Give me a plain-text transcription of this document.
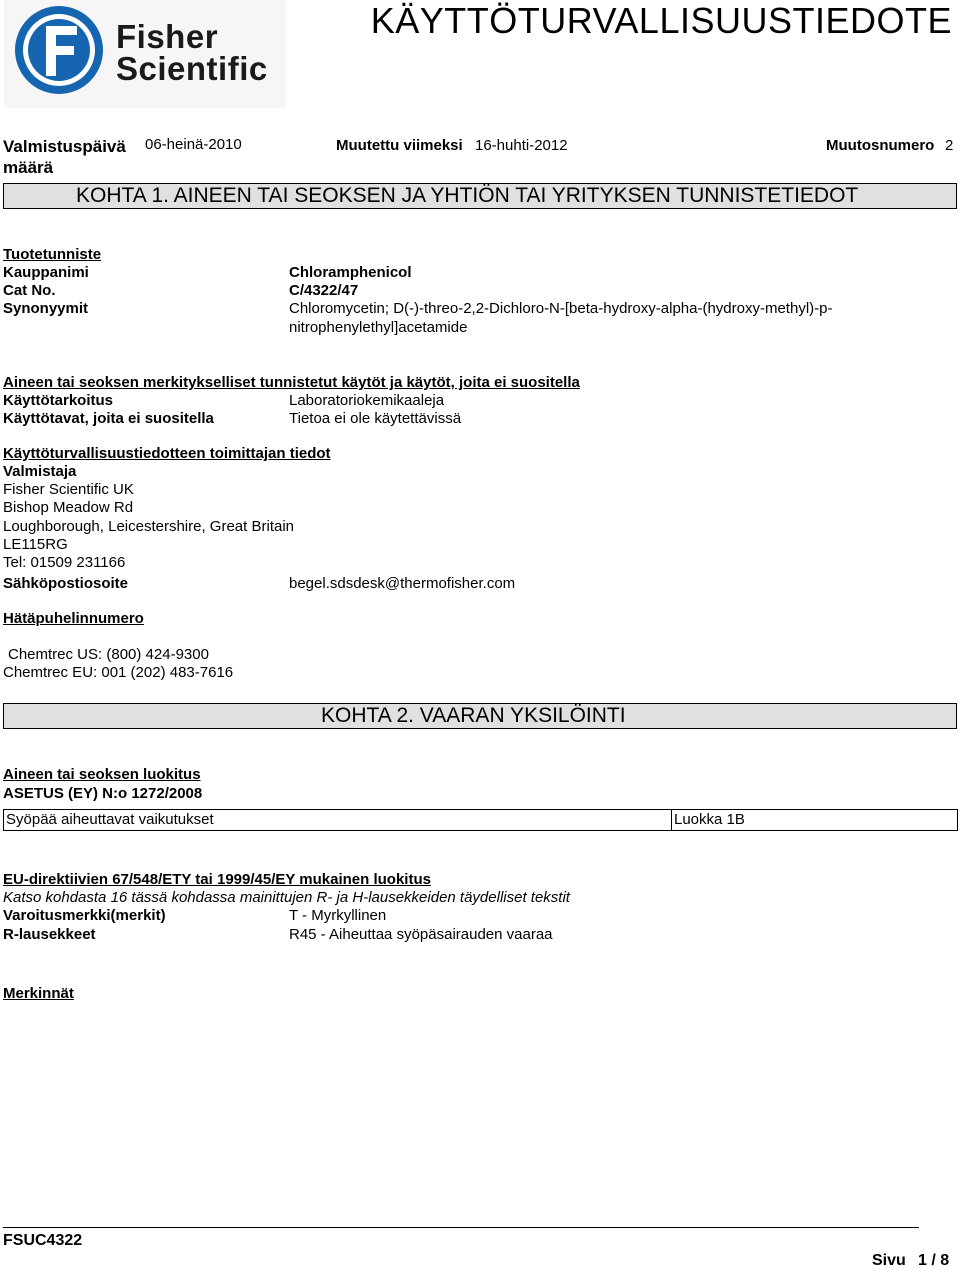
Fisher
Scientific
KÄYTTÖTURVALLISUUSTIEDOTE
Valmistuspäivä
määrä
06-heinä-2010	Muutettu viimeksi 16-huhti-2012	Muutosnumero 2
KOHTA 1. AINEEN TAI SEOKSEN JA YHTIÖN TAI YRITYKSEN TUNNISTETIEDOT
Tuotetunniste
Kauppanimi	Chloramphenicol
Cat No.	C/4322/47
Synonyymit	Chloromycetin; D(-)-threo-2,2-Dichloro-N-[beta-hydroxy-alpha-(hydroxy-methyl)-p-
nitrophenylethyl]acetamide
Aineen tai seoksen merkitykselliset tunnistetut käytöt ja käytöt, joita ei suositella
Käyttötarkoitus	Laboratoriokemikaaleja
Käyttötavat, joita ei suositella	Tietoa ei ole käytettävissä
Käyttöturvallisuustiedotteen toimittajan tiedot
Valmistaja
Fisher Scientific UK
Bishop Meadow Rd
Loughborough, Leicestershire, Great Britain
LE115RG
Tel: 01509 231166
Sähköpostiosoite	begel.sdsdesk@thermofisher.com
Hätäpuhelinnumero
Chemtrec US: (800) 424-9300
Chemtrec EU: 001 (202) 483-7616
KOHTA 2. VAARAN YKSILÖINTI
Aineen tai seoksen luokitus
ASETUS (EY) N:o 1272/2008
Syöpää aiheuttavat vaikutukset	Luokka 1B
EU-direktiivien 67/548/ETY tai 1999/45/EY mukainen luokitus
Katso kohdasta 16 tässä kohdassa mainittujen R- ja H-lausekkeiden täydelliset tekstit
Varoitusmerkki(merkit)	T - Myrkyllinen
R-lausekkeet	R45 - Aiheuttaa syöpäsairauden vaaraa
Merkinnät
FSUC4322
Sivu 1 / 8
